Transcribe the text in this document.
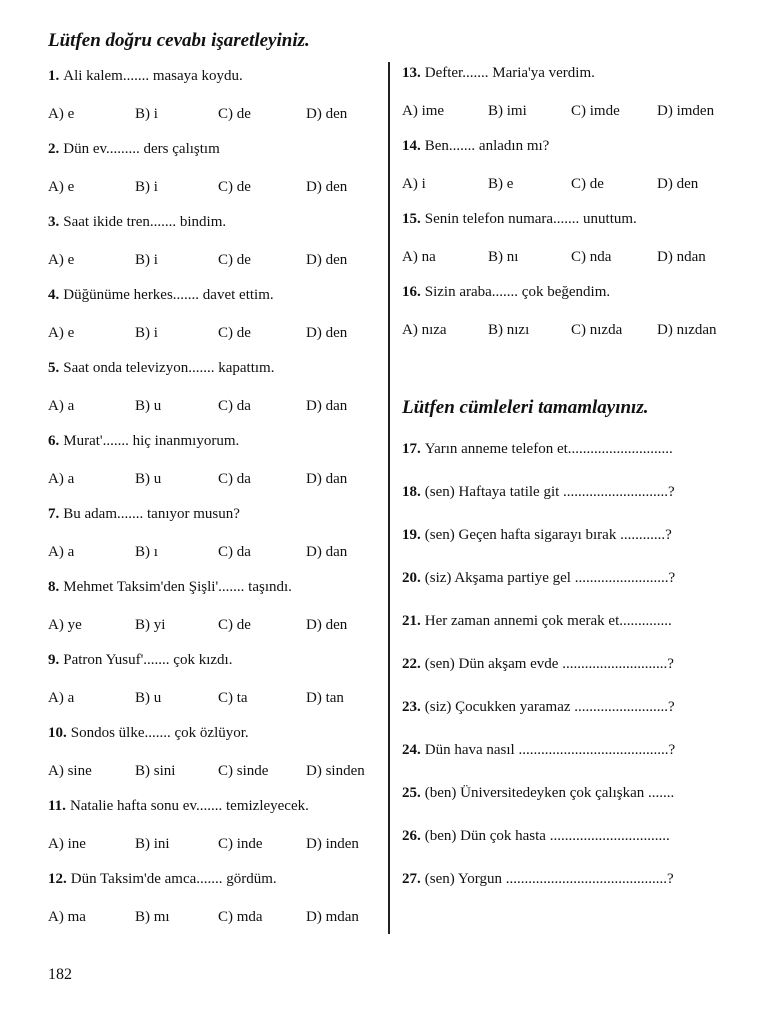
Lütfen doğru cevabı işaretleyiniz.
1. Ali kalem....... masaya koydu.
A) e	B) i	C) de	D) den
2. Dün ev......... ders çalıştım
A) e	B) i	C) de	D) den
3. Saat ikide tren....... bindim.
A) e	B) i	C) de	D) den
4. Düğünüme herkes....... davet ettim.
A) e	B) i	C) de	D) den
5. Saat onda televizyon....... kapattım.
A) a	B) u	C) da	D) dan
6. Murat'....... hiç inanmıyorum.
A) a	B) u	C) da	D) dan
7. Bu adam....... tanıyor musun?
A) a	B) ı	C) da	D) dan
8. Mehmet Taksim'den Şişli'....... taşındı.
A) ye	B) yi	C) de	D) den
9. Patron Yusuf'....... çok kızdı.
A) a	B) u	C) ta	D) tan
10. Sondos ülke....... çok özlüyor.
A) sine	B) sini	C) sinde	D) sinden
11. Natalie hafta sonu ev....... temizleyecek.
A) ine	B) ini	C) inde	D) inden
12. Dün Taksim'de amca....... gördüm.
A) ma	B) mı	C) mda	D) mdan
13. Defter....... Maria'ya verdim.
A) ime	B) imi	C) imde D) imden
14. Ben....... anladın mı?
A) i	B) e	C) de	D) den
15. Senin telefon numara....... unuttum.
A) na	B) nı	C) nda	D) ndan
16. Sizin araba....... çok beğendim.
A) nıza	B) nızı	C) nızda D) nızdan
Lütfen cümleleri tamamlayınız.
17. Yarın anneme telefon et............................
18. (sen) Haftaya tatile git ............................?
19. (sen) Geçen hafta sigarayı bırak ............?
20. (siz) Akşama partiye gel .........................?
21. Her zaman annemi çok merak et..............
22. (sen) Dün akşam evde ............................?
23. (siz) Çocukken yaramaz .........................?
24. Dün hava nasıl ........................................?
25. (ben) Üniversitedeyken çok çalışkan .......
26. (ben) Dün çok hasta ................................
27. (sen) Yorgun ...........................................?
182
